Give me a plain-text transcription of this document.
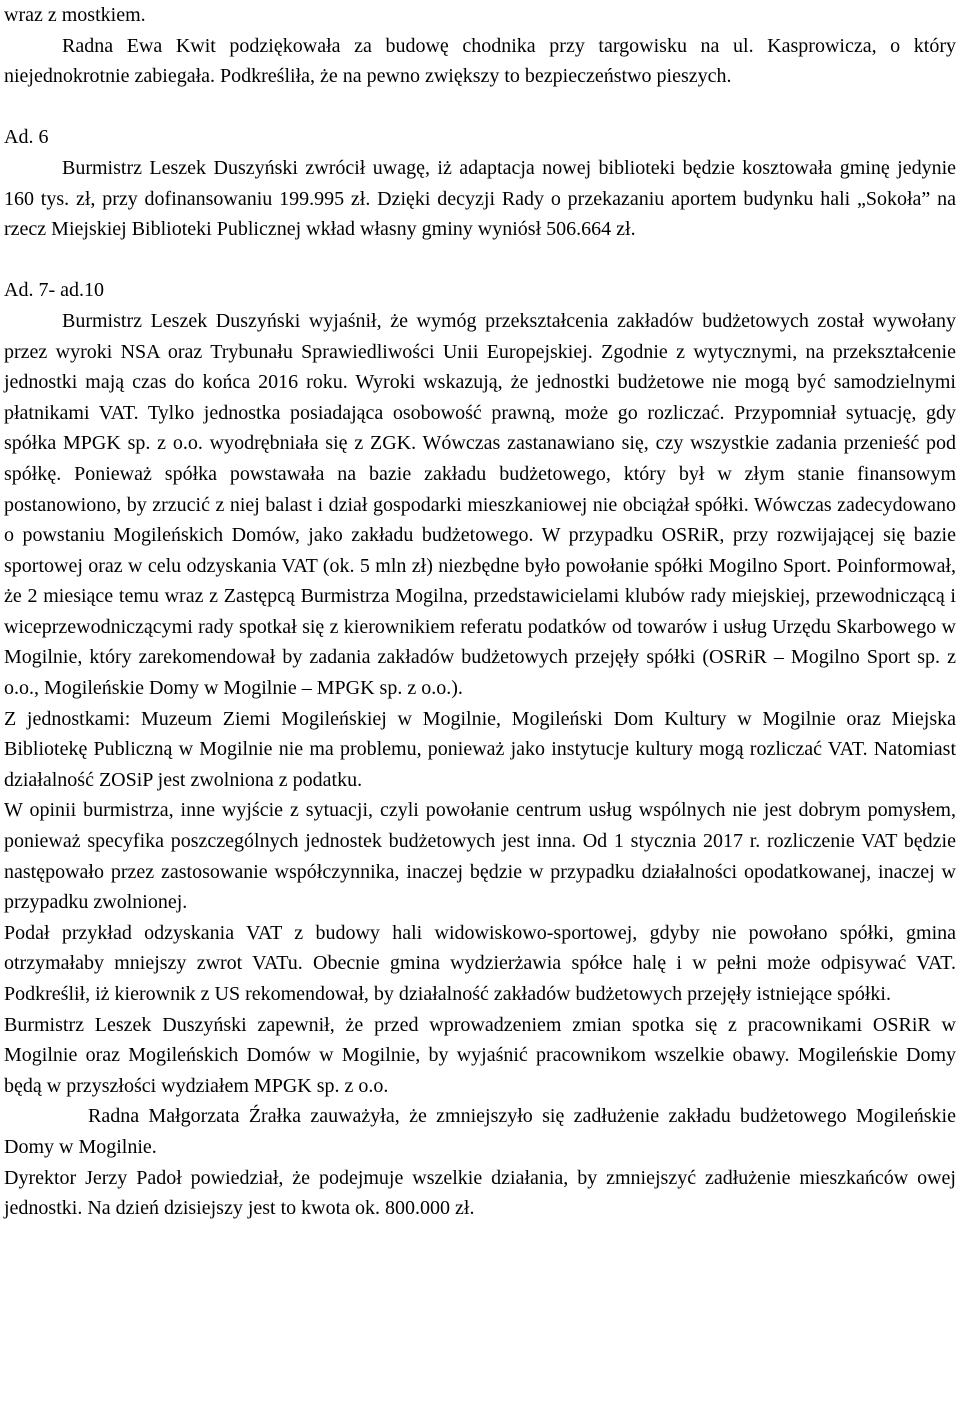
wraz z mostkiem.

Radna Ewa Kwit podziękowała za budowę chodnika przy targowisku na ul. Kasprowicza, o który niejednokrotnie zabiegała. Podkreśliła, że na pewno zwiększy to bezpieczeństwo pieszych.

Ad. 6

Burmistrz Leszek Duszyński zwrócił uwagę, iż adaptacja nowej biblioteki będzie kosztowała gminę jedynie 160 tys. zł, przy dofinansowaniu 199.995 zł. Dzięki decyzji Rady o przekazaniu aportem budynku hali „Sokoła” na rzecz Miejskiej Biblioteki Publicznej wkład własny gminy wyniósł 506.664 zł.

Ad. 7- ad.10

Burmistrz Leszek Duszyński wyjaśnił, że wymóg przekształcenia zakładów budżetowych został wywołany przez wyroki NSA oraz Trybunału Sprawiedliwości Unii Europejskiej. Zgodnie z wytycznymi, na przekształcenie jednostki mają czas do końca 2016 roku. Wyroki wskazują, że jednostki budżetowe nie mogą być samodzielnymi płatnikami VAT. Tylko jednostka posiadająca osobowość prawną, może go rozliczać. Przypomniał sytuację, gdy spółka MPGK sp. z o.o. wyodrębniała się z ZGK. Wówczas zastanawiano się, czy wszystkie zadania przenieść pod spółkę. Ponieważ spółka powstawała na bazie zakładu budżetowego, który był w złym stanie finansowym postanowiono, by zrzucić z niej balast i dział gospodarki mieszkaniowej nie obciążał spółki. Wówczas zadecydowano o powstaniu Mogileńskich Domów, jako zakładu budżetowego. W przypadku OSRiR, przy rozwijającej się bazie sportowej oraz w celu odzyskania VAT (ok. 5 mln zł) niezbędne było powołanie spółki Mogilno Sport. Poinformował, że 2 miesiące temu wraz z Zastępcą Burmistrza Mogilna, przedstawicielami klubów rady miejskiej, przewodniczącą i wiceprzewodniczącymi rady spotkał się z kierownikiem referatu podatków od towarów i usług Urzędu Skarbowego w Mogilnie, który zarekomendował by zadania zakładów budżetowych przejęły spółki (OSRiR – Mogilno Sport sp. z o.o., Mogileńskie Domy w Mogilnie – MPGK sp. z o.o.).

Z jednostkami: Muzeum Ziemi Mogileńskiej w Mogilnie, Mogileński Dom Kultury w Mogilnie oraz Miejska Bibliotekę Publiczną w Mogilnie nie ma problemu, ponieważ jako instytucje kultury mogą rozliczać VAT. Natomiast działalność ZOSiP jest zwolniona z podatku.

W opinii burmistrza, inne wyjście z sytuacji, czyli powołanie centrum usług wspólnych nie jest dobrym pomysłem, ponieważ specyfika poszczególnych jednostek budżetowych jest inna. Od 1 stycznia 2017 r. rozliczenie VAT będzie następowało przez zastosowanie współczynnika, inaczej będzie w przypadku działalności opodatkowanej, inaczej w przypadku zwolnionej.

Podał przykład odzyskania VAT z budowy hali widowiskowo-sportowej, gdyby nie powołano spółki, gmina otrzymałaby mniejszy zwrot VATu. Obecnie gmina wydzierżawia spółce halę i w pełni może odpisywać VAT. Podkreślił, iż kierownik z US rekomendował, by działalność zakładów budżetowych przejęły istniejące spółki.

Burmistrz Leszek Duszyński zapewnił, że przed wprowadzeniem zmian spotka się z pracownikami OSRiR w Mogilnie oraz Mogileńskich Domów w Mogilnie, by wyjaśnić pracownikom wszelkie obawy. Mogileńskie Domy będą w przyszłości wydziałem MPGK sp. z o.o.

Radna Małgorzata Źrałka zauważyła, że zmniejszyło się zadłużenie zakładu budżetowego Mogileńskie Domy w Mogilnie.

Dyrektor Jerzy Padoł powiedział, że podejmuje wszelkie działania, by zmniejszyć zadłużenie mieszkańców owej jednostki. Na dzień dzisiejszy jest to kwota ok. 800.000 zł.
